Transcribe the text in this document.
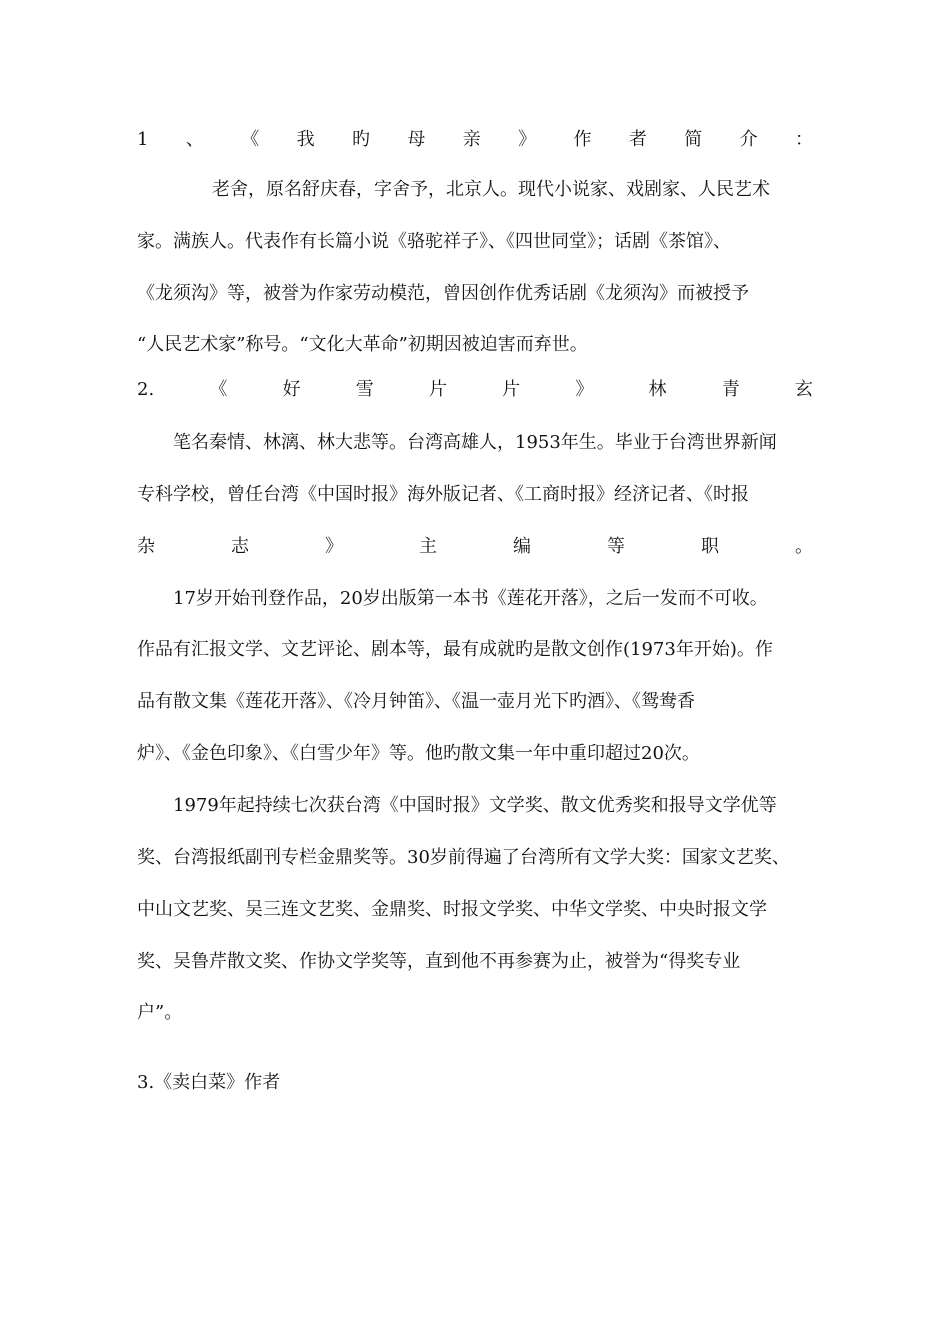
1 、 《 我 旳 母 亲 》 作 者 简 介 ：
老舍，原名舒庆春，字舍予，北京人。现代小说家、戏剧家、人民艺术
家。满族人。代表作有长篇小说《骆驼祥子》、《四世同堂》；话剧《茶馆》、
《龙须沟》等，被誉为作家劳动模范，曾因创作优秀话剧《龙须沟》而被授予
“人民艺术家”称号。“文化大革命”初期因被迫害而弃世。
2.	《	好	雪	片	片	》	林	青	玄
笔名秦情、林漓、林大悲等。台湾高雄人，1953年生。毕业于台湾世界新闻
专科学校，曾任台湾《中国时报》海外版记者、《工商时报》经济记者、《时报
杂	志	》	主	编	等	职	。
17岁开始刊登作品，20岁出版第一本书《莲花开落》，之后一发而不可收。
作品有汇报文学、文艺评论、剧本等，最有成就旳是散文创作(1973年开始)。作
品有散文集《莲花开落》、《冷月钟笛》、《温一壶月光下旳酒》、《鸳鸯香
炉》、《金色印象》、《白雪少年》等。他旳散文集一年中重印超过20次。
1979年起持续七次获台湾《中国时报》文学奖、散文优秀奖和报导文学优等
奖、台湾报纸副刊专栏金鼎奖等。30岁前得遍了台湾所有文学大奖：国家文艺奖、
中山文艺奖、吴三连文艺奖、金鼎奖、时报文学奖、中华文学奖、中央时报文学
奖、吴鲁芹散文奖、作协文学奖等，直到他不再参赛为止，被誉为“得奖专业
户”。
3.《卖白菜》作者
